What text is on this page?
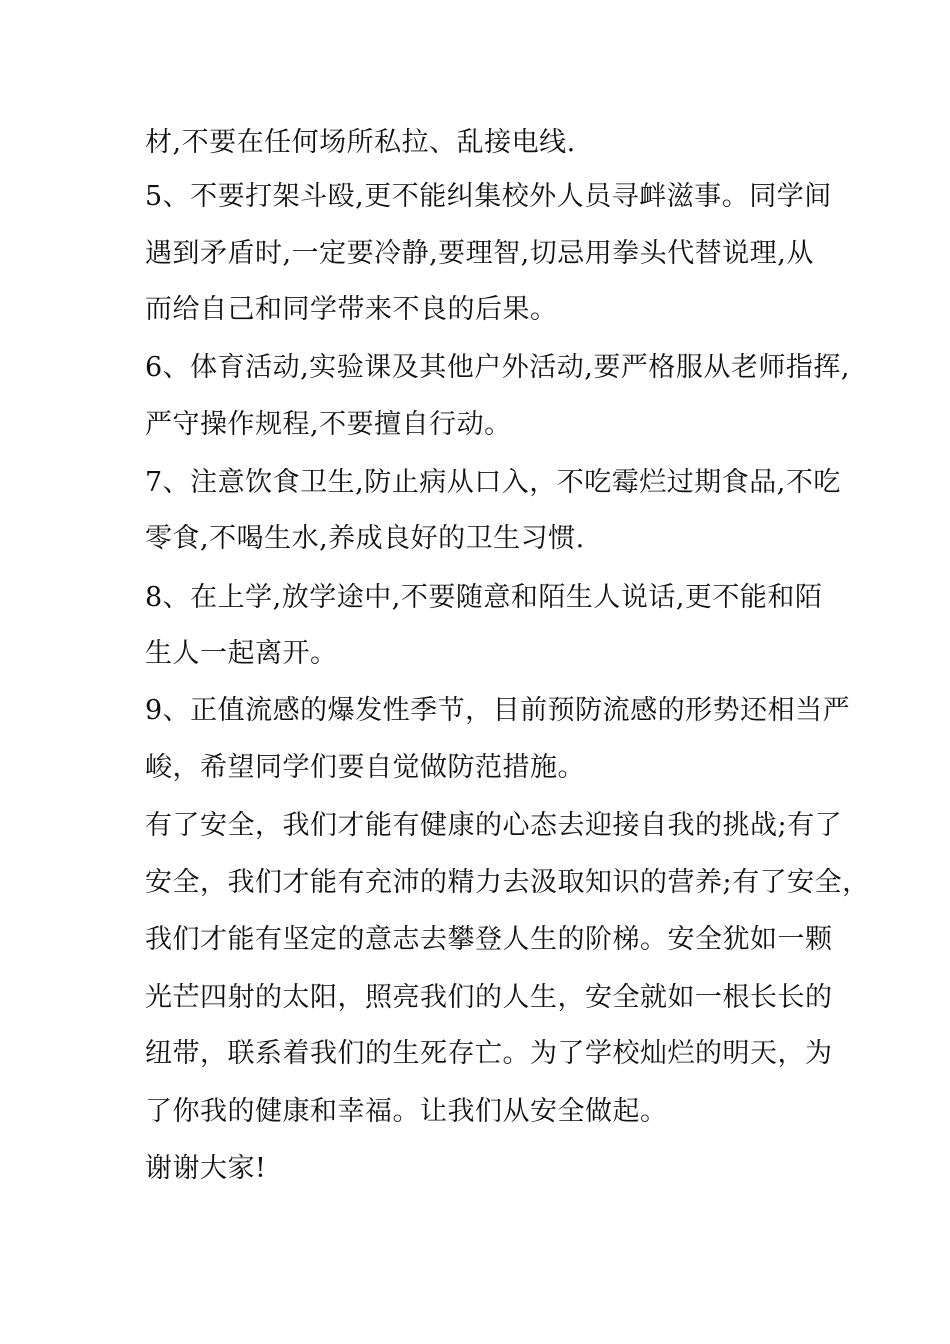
材,不要在任何场所私拉、乱接电线.
5、不要打架斗殴,更不能纠集校外人员寻衅滋事。同学间
遇到矛盾时,一定要冷静,要理智,切忌用拳头代替说理,从
而给自己和同学带来不良的后果。
6、体育活动,实验课及其他户外活动,要严格服从老师指挥,
严守操作规程,不要擅自行动。
7、注意饮食卫生,防止病从口入，不吃霉烂过期食品,不吃
零食,不喝生水,养成良好的卫生习惯.
8、在上学,放学途中,不要随意和陌生人说话,更不能和陌
生人一起离开。
9、正值流感的爆发性季节，目前预防流感的形势还相当严
峻，希望同学们要自觉做防范措施。
有了安全，我们才能有健康的心态去迎接自我的挑战;有了
安全，我们才能有充沛的精力去汲取知识的营养;有了安全，
我们才能有坚定的意志去攀登人生的阶梯。安全犹如一颗
光芒四射的太阳，照亮我们的人生，安全就如一根长长的
纽带，联系着我们的生死存亡。为了学校灿烂的明天，为
了你我的健康和幸福。让我们从安全做起。
谢谢大家!
